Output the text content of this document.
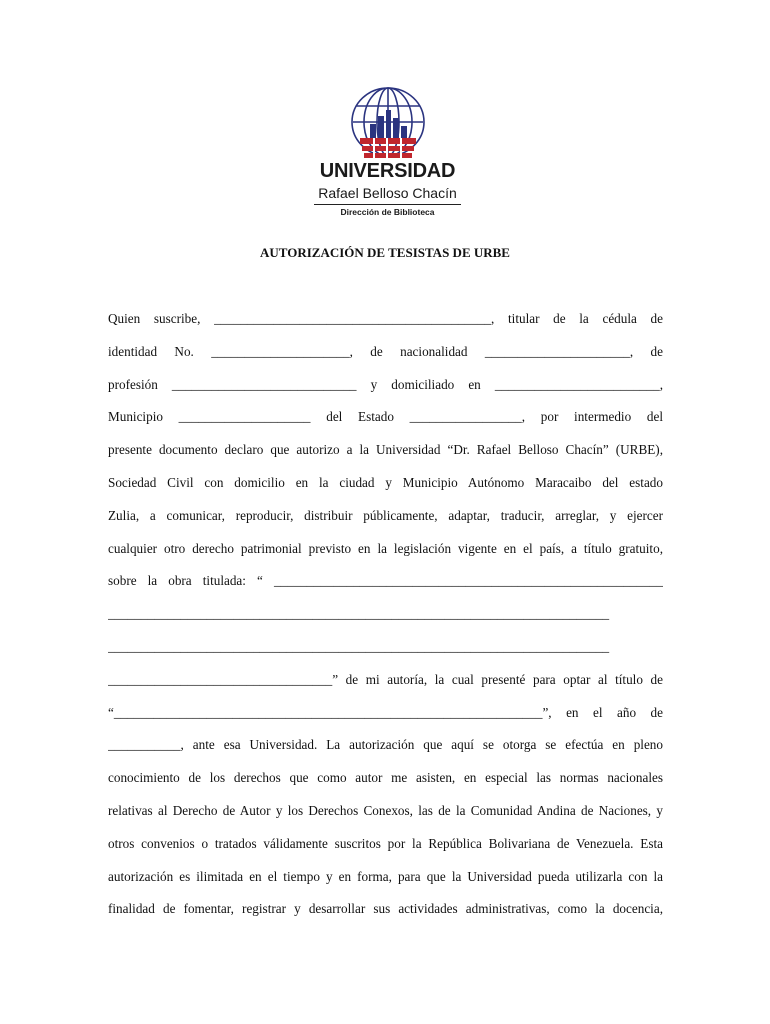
UNIVERSIDAD
Rafael Belloso Chacín
Dirección de Biblioteca
AUTORIZACIÓN DE TESISTAS DE URBE
Quien suscribe, __________________________________________, titular de la cédula de
identidad No. _____________________, de nacionalidad ______________________, de
profesión ____________________________ y domiciliado en _________________________,
Municipio ____________________ del Estado _________________, por intermedio del
presente documento declaro que autorizo a la Universidad “Dr. Rafael Belloso Chacín” (URBE),
Sociedad Civil con domicilio en la ciudad y Municipio Autónomo Maracaibo del estado
Zulia, a comunicar, reproducir, distribuir públicamente, adaptar, traducir, arreglar, y ejercer
cualquier otro derecho patrimonial previsto en la legislación vigente en el país, a título gratuito,
sobre la obra titulada: “ ___________________________________________________________
____________________________________________________________________________
____________________________________________________________________________
__________________________________” de mi autoría, la cual presenté para optar al título de
“_________________________________________________________________”, en el año de
___________, ante esa Universidad. La autorización que aquí se otorga se efectúa en pleno
conocimiento de los derechos que como autor me asisten, en especial las normas nacionales
relativas al Derecho de Autor y los Derechos Conexos, las de la Comunidad Andina de Naciones, y
otros convenios o tratados válidamente suscritos por la República Bolivariana de Venezuela. Esta
autorización es ilimitada en el tiempo y en forma, para que la Universidad pueda utilizarla con la
finalidad de fomentar, registrar y desarrollar sus actividades administrativas, como la docencia,
